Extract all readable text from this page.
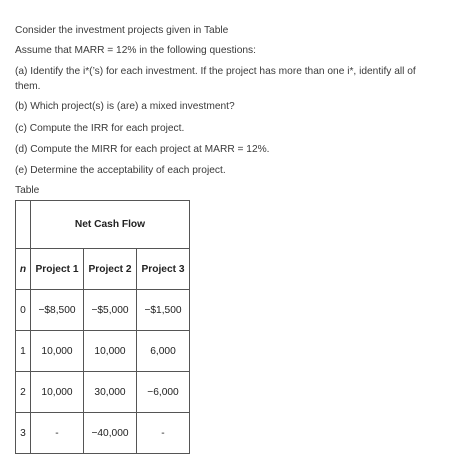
Consider the investment projects given in Table
Assume that MARR = 12% in the following questions:
(a) Identify the i*(’s) for each investment. If the project has more than one i*, identify all of
them.
(b) Which project(s) is (are) a mixed investment?
(c) Compute the IRR for each project.
(d) Compute the MIRR for each project at MARR = 12%.
(e) Determine the acceptability of each project.
Table
	Net Cash Flow		
n	Project 1	Project 2	Project 3
0	−$8,500	−$5,000	−$1,500
1	10,000	10,000	6,000
2	10,000	30,000	−6,000
3	-	−40,000	-
